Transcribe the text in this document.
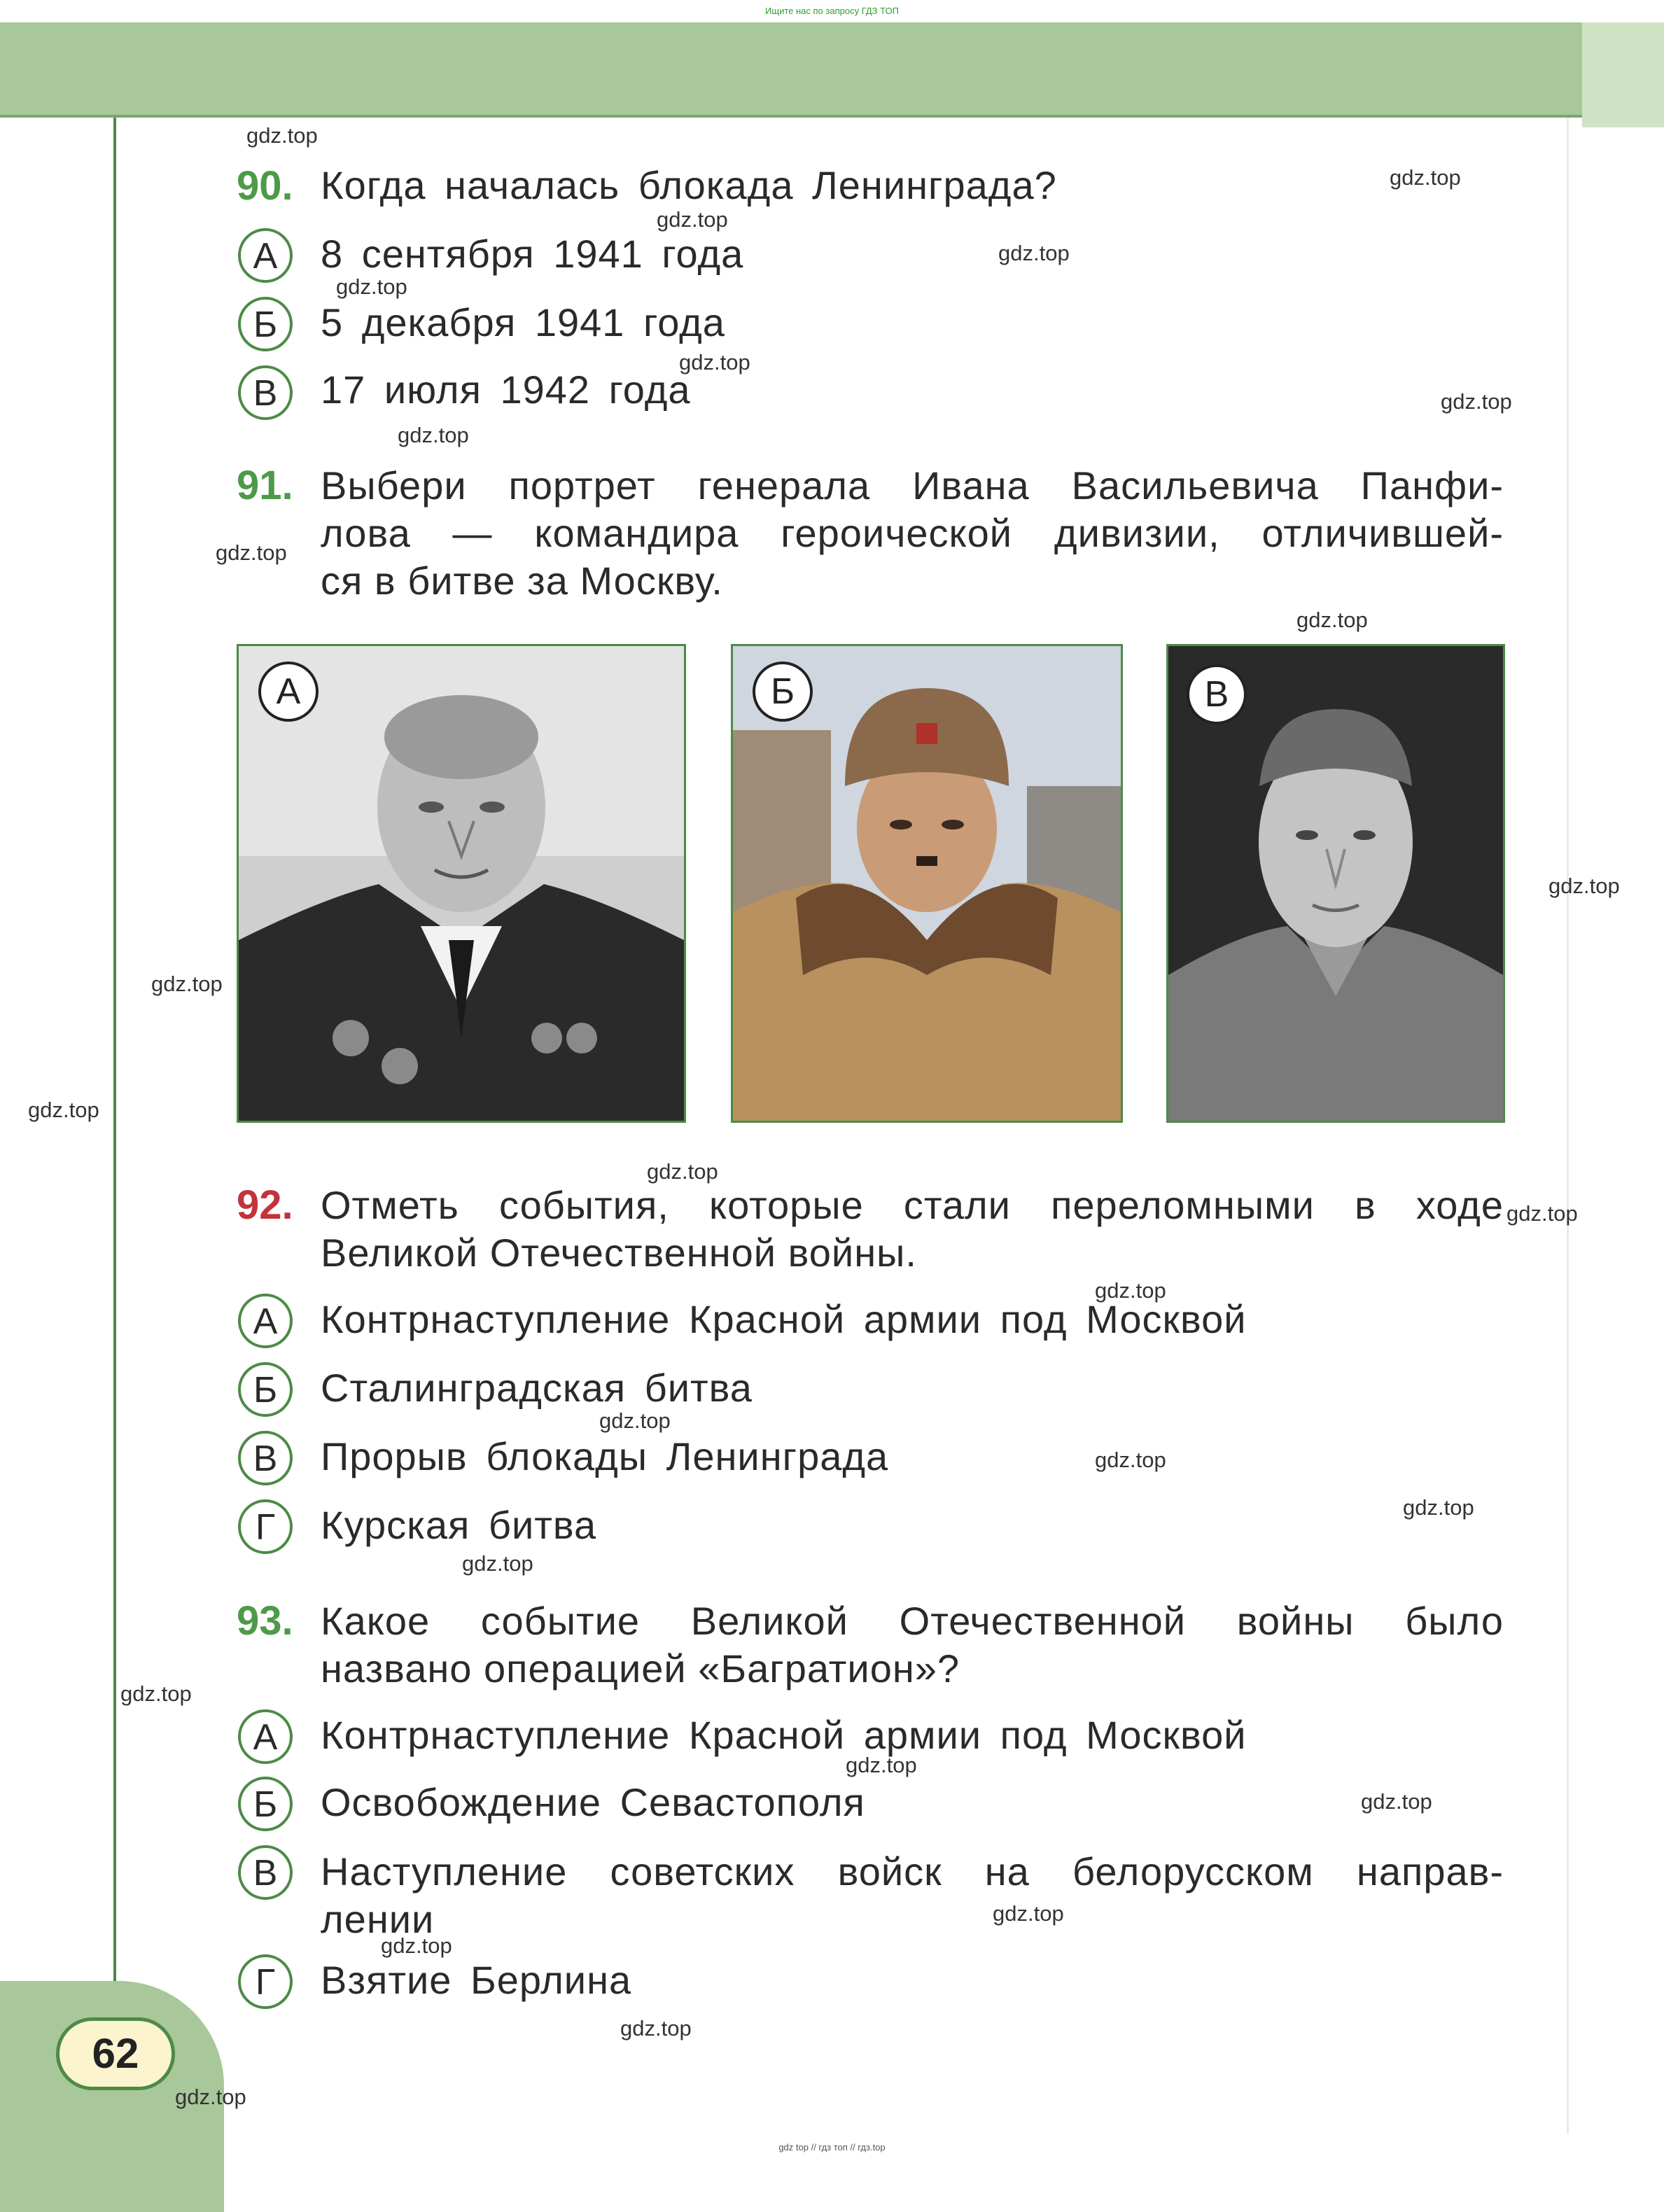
Ищите нас по запросу ГДЗ ТОП
62
gdz.top
gdz.top
gdz.top
gdz.top
gdz.top
gdz.top
gdz.top
gdz.top
gdz.top
gdz.top
gdz.top
gdz.top
gdz.top
gdz.top
gdz.top
gdz.top
gdz.top
gdz.top
gdz.top
gdz.top
gdz.top
gdz.top
gdz.top
gdz.top
gdz.top
gdz.top
gdz.top
90. Когда началась блокада Ленинграда?
А	8 сентября 1941 года
Б	5 декабря 1941 года
В	17 июля 1942 года
91. Выбери портрет генерала Ивана Васильевича Панфи-
лова — командира героической дивизии, отличившей-
ся в битве за Москву.
А	Б	В
92. Отметь события, которые стали переломными в ходе
Великой Отечественной войны.
А	Контрнаступление Красной армии под Москвой
Б	Сталинградская битва
В	Прорыв блокады Ленинграда
Г	Курская битва
93. Какое событие Великой Отечественной войны было
названо операцией «Багратион»?
А	Контрнаступление Красной армии под Москвой
Б	Освобождение Севастополя
В	Наступление советских войск на белорусском направ-
лении
Г	Взятие Берлина
gdz top // гдз топ // гдз.top
